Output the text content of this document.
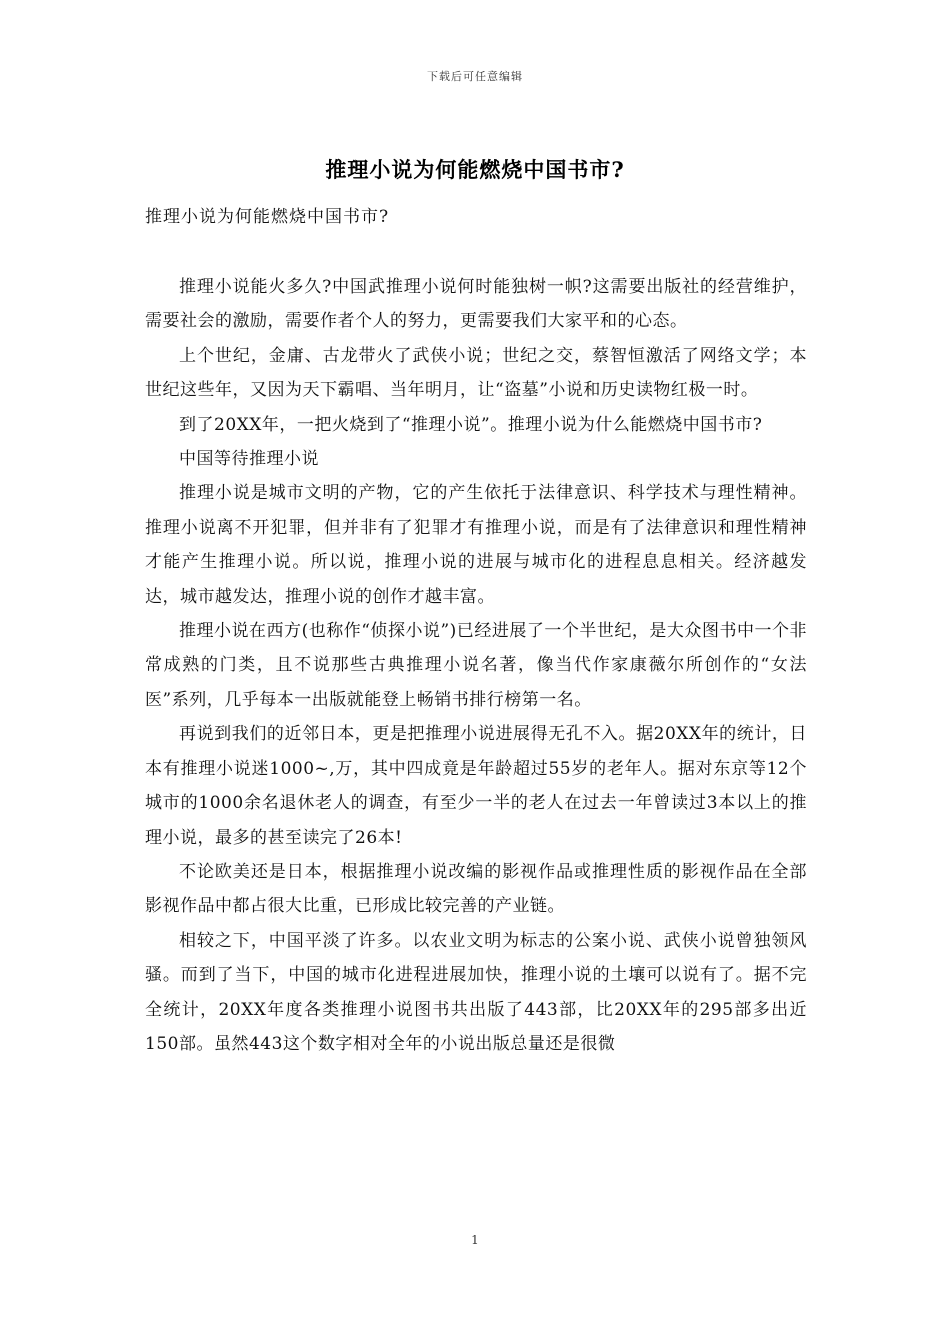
下载后可任意编辑
推理小说为何能燃烧中国书市?
推理小说为何能燃烧中国书市?

推理小说能火多久?中国武推理小说何时能独树一帜?这需要出版社的经营维护，需要社会的激励，需要作者个人的努力，更需要我们大家平和的心态。

上个世纪，金庸、古龙带火了武侠小说；世纪之交，蔡智恒激活了网络文学；本世纪这些年，又因为天下霸唱、当年明月，让“盗墓”小说和历史读物红极一时。

到了20XX年，一把火烧到了“推理小说”。推理小说为什么能燃烧中国书市?

中国等待推理小说

推理小说是城市文明的产物，它的产生依托于法律意识、科学技术与理性精神。推理小说离不开犯罪，但并非有了犯罪才有推理小说，而是有了法律意识和理性精神才能产生推理小说。所以说，推理小说的进展与城市化的进程息息相关。经济越发达，城市越发达，推理小说的创作才越丰富。

推理小说在西方(也称作“侦探小说”)已经进展了一个半世纪，是大众图书中一个非常成熟的门类，且不说那些古典推理小说名著，像当代作家康薇尔所创作的“女法医”系列，几乎每本一出版就能登上畅销书排行榜第一名。

再说到我们的近邻日本，更是把推理小说进展得无孔不入。据20XX年的统计，日本有推理小说迷1000~,万，其中四成竟是年龄超过55岁的老年人。据对东京等12个城市的1000余名退休老人的调查，有至少一半的老人在过去一年曾读过3本以上的推理小说，最多的甚至读完了26本!

不论欧美还是日本，根据推理小说改编的影视作品或推理性质的影视作品在全部影视作品中都占很大比重，已形成比较完善的产业链。

相较之下，中国平淡了许多。以农业文明为标志的公案小说、武侠小说曾独领风骚。而到了当下，中国的城市化进程进展加快，推理小说的土壤可以说有了。据不完全统计，20XX年度各类推理小说图书共出版了443部，比20XX年的295部多出近150部。虽然443这个数字相对全年的小说出版总量还是很微

1
